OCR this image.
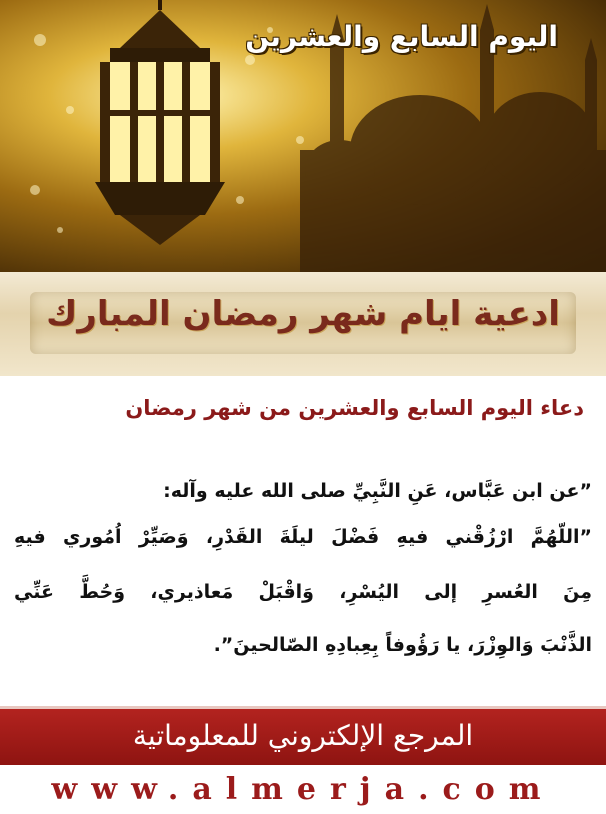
اليوم السابع والعشرين
ادعية ايام شهر رمضان المبارك
دعاء اليوم السابع والعشرين من شهر رمضان
”عن ابن عَبَّاس، عَنِ النَّبِيِّ صلى الله عليه وآله:
”اللّهُمَّ ارْزُقْني فيهِ فَضْلَ ليلَةَ القَدْرِ، وَصَيِّرْ اُمُوري فيهِ
مِنَ العُسرِ إلى اليُسْرِ، وَاقْبَلْ مَعاذيري، وَحُطَّ عَنِّي
الذَّنْبَ وَالوِزْرَ، يا رَؤُوفاً بِعِبادِهِ الصّالحينَ”.
المرجع الإلكتروني للمعلوماتية
www.almerja.com
